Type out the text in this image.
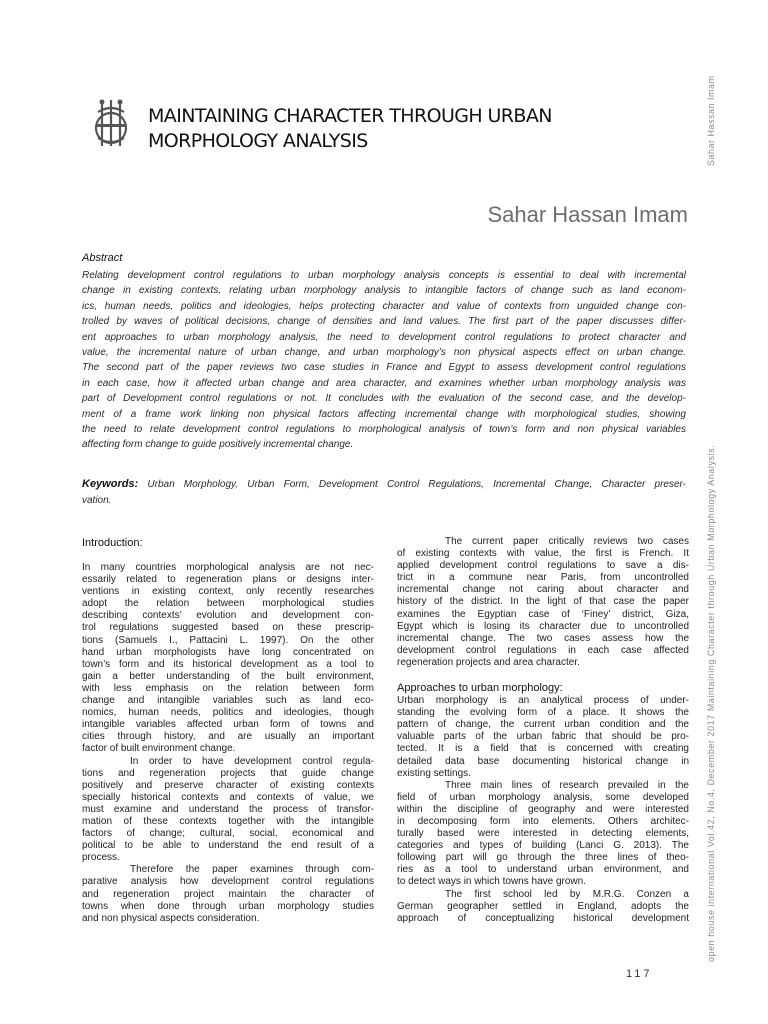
MAINTAINING CHARACTER THROUGH URBAN
MORPHOLOGY ANALYSIS
Sahar Hassan Imam
Sahar Hassan Imam
open house international Vol.42, No.4, December 2017 Maintaining Character through Urban Morphology Analysis.
Abstract
Relating development control regulations to urban morphology analysis concepts is essential to deal with incremental
change in existing contexts, relating urban morphology analysis to intangible factors of change such as land econom-
ics, human needs, politics and ideologies, helps protecting character and value of contexts from unguided change con-
trolled by waves of political decisions, change of densities and land values. The first part of the paper discusses differ-
ent approaches to urban morphology analysis, the need to development control regulations to protect character and
value, the incremental nature of urban change, and urban morphology’s non physical aspects effect on urban change.
The second part of the paper reviews two case studies in France and Egypt to assess development control regulations
in each case, how it affected urban change and area character, and examines whether urban morphology analysis was
part of Development control regulations or not. It concludes with the evaluation of the second case, and the develop-
ment of a frame work linking non physical factors affecting incremental change with morphological studies, showing
the need to relate development control regulations to morphological analysis of town’s form and non physical variables
affecting form change to guide positively incremental change.
Keywords: Urban Morphology, Urban Form, Development Control Regulations, Incremental Change, Character preser-
vation.
Introduction:
In many countries morphological analysis are not nec-
essarily related to regeneration plans or designs inter-
ventions in existing context, only recently researches
adopt the relation between morphological studies
describing contexts’ evolution and development con-
trol regulations suggested based on these prescrip-
tions (Samuels I., Pattacini L. 1997). On the other
hand urban morphologists have long concentrated on
town’s form and its historical development as a tool to
gain a better understanding of the built environment,
with less emphasis on the relation between form
change and intangible variables such as land eco-
nomics, human needs, politics and ideologies, though
intangible variables affected urban form of towns and
cities through history, and are usually an important
factor of built environment change.
In order to have development control regula-
tions and regeneration projects that guide change
positively and preserve character of existing contexts
specially historical contexts and contexts of value, we
must examine and understand the process of transfor-
mation of these contexts together with the intangible
factors of change; cultural, social, economical and
political to be able to understand the end result of a
process.
Therefore the paper examines through com-
parative analysis how development control regulations
and regeneration project maintain the character of
towns when done through urban morphology studies
and non physical aspects consideration.
The current paper critically reviews two cases
of existing contexts with value, the first is French. It
applied development control regulations to save a dis-
trict in a commune near Paris, from uncontrolled
incremental change not caring about character and
history of the district. In the light of that case the paper
examines the Egyptian case of ‘Finey’ district, Giza,
Egypt which is losing its character due to uncontrolled
incremental change. The two cases assess how the
development control regulations in each case affected
regeneration projects and area character.
Approaches to urban morphology:
Urban morphology is an analytical process of under-
standing the evolving form of a place. It shows the
pattern of change, the current urban condition and the
valuable parts of the urban fabric that should be pro-
tected. It is a field that is concerned with creating
detailed data base documenting historical change in
existing settings.
Three main lines of research prevailed in the
field of urban morphology analysis, some developed
within the discipline of geography and were interested
in decomposing form into elements. Others architec-
turally based were interested in detecting elements,
categories and types of building (Lanci G. 2013). The
following part will go through the three lines of theo-
ries as a tool to understand urban environment, and
to detect ways in which towns have grown.
The first school led by M.R.G. Conzen a
German geographer settled in England, adopts the
approach of conceptualizing historical development
117
